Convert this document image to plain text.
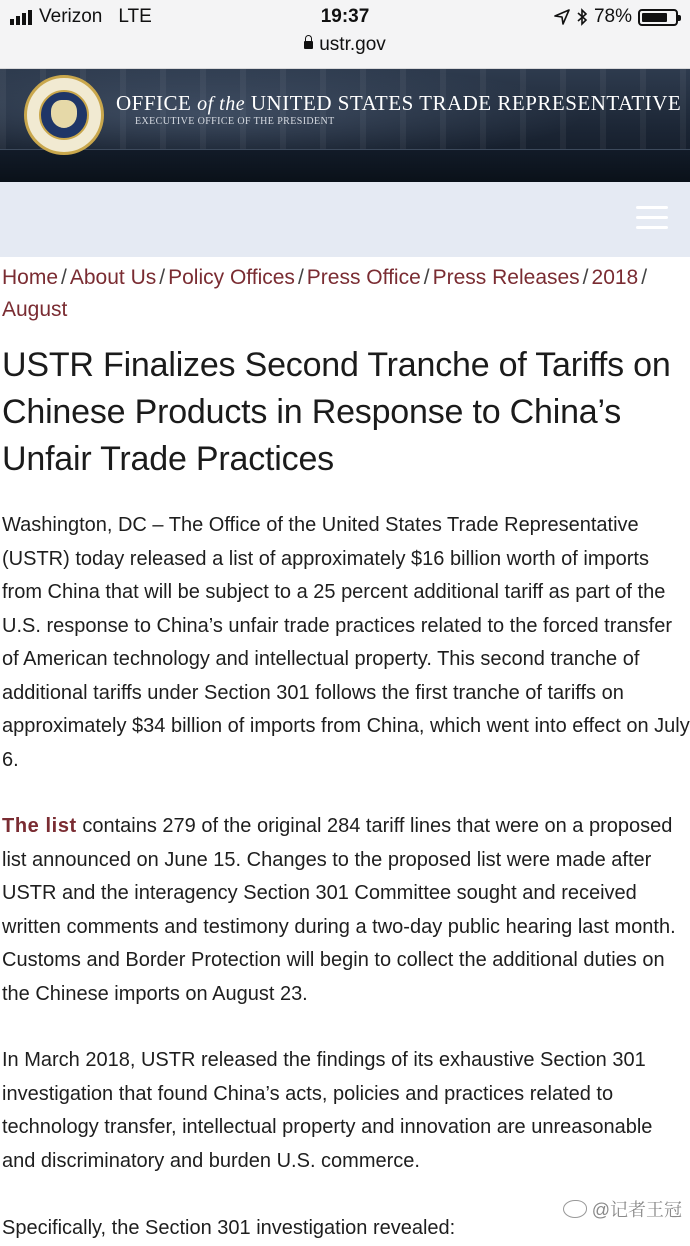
Verizon LTE	19:37	78%
ustr.gov
OFFICE of the UNITED STATES TRADE REPRESENTATIVE
EXECUTIVE OFFICE OF THE PRESIDENT
Home / About Us / Policy Offices / Press Office / Press Releases / 2018 /
August
USTR Finalizes Second Tranche of Tariffs on Chinese Products in Response to China’s Unfair Trade Practices

Washington, DC – The Office of the United States Trade Representative (USTR) today released a list of approximately $16 billion worth of imports from China that will be subject to a 25 percent additional tariff as part of the U.S. response to China’s unfair trade practices related to the forced transfer of American technology and intellectual property. This second tranche of additional tariffs under Section 301 follows the first tranche of tariffs on approximately $34 billion of imports from China, which went into effect on July 6.

The list contains 279 of the original 284 tariff lines that were on a proposed list announced on June 15. Changes to the proposed list were made after USTR and the interagency Section 301 Committee sought and received written comments and testimony during a two-day public hearing last month. Customs and Border Protection will begin to collect the additional duties on the Chinese imports on August 23.

In March 2018, USTR released the findings of its exhaustive Section 301 investigation that found China’s acts, policies and practices related to technology transfer, intellectual property and innovation are unreasonable and discriminatory and burden U.S. commerce.

Specifically, the Section 301 investigation revealed:

@记者王冠
